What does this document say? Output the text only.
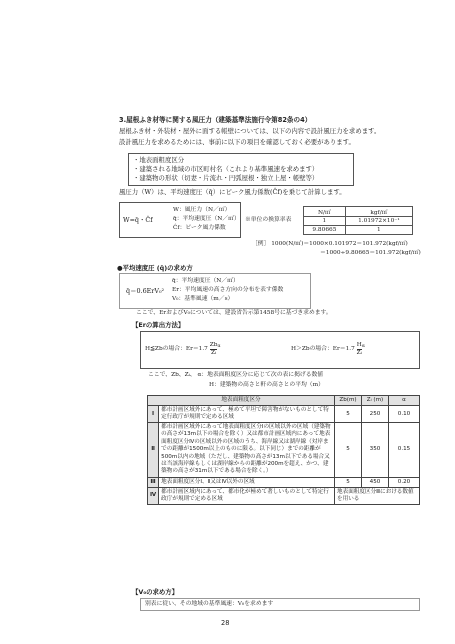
3.屋根ふき材等に関する風圧力（建築基準法施行令第82条の4）
屋根ふき材・外装材・屋外に面する帳壁については、以下の内容で設計風圧力を求めます。
設計風圧力を求めるためには、事前に以下の項目を確認しておく必要があります。
・地表面粗度区分
・建築される地域の市区町村名（これより基準風速を求めます）
・建築物の形状（切妻・片流れ・円弧屋根・独立上屋・帳壁等）
風圧力（W）は、平均速度圧（q̄）にピーク風力係数(Ĉf)を乗じて計算します。
W=q̄・Ĉf
W：風圧力（N／㎡）
q̄：平均速度圧（N／㎡）
Ĉf：ピーク風力係数
※単位の換算率表
N/㎡	kgf/㎡
1	1.01972×10⁻¹
9.80665	1
［例］ 1000(N/㎡)＝1000×0.101972＝101.972(kgf/㎡)
＝1000÷9.80665＝101.972(kgf/㎡)
●平均速度圧 (q̄)の求め方
q̄＝0.6ErV₀²
q̄：平均速度圧（N／㎡）
Er：平均風速の高さ方向の分布を表す係数
V₀：基準風速（m／s）
ここで、ErおよびV₀については、建設省告示第1458号に基づき求めます。
【Erの算出方法】
H≦Zbの場合：$Er=1.7 \frac{Zb}{\text{Zᵢ}} ^\alpha$	H＞Zbの場合：$Er=1.7 \frac{H}{\text{Zᵢ}} ^\alpha$
ここで、Zb、Zᵢ、 α：地表面粗度区分に応じて次の表に掲げる数値
H：建築物の高さと軒の高さとの平均（m）
地表面粗度区分		Zb(m)	Zᵢ (m)	α
Ⅰ	都市計画区域外にあって、極めて平坦で障害物がないものとして特定行政庁が規則で定める区域	5	250	0.10
Ⅱ	都市計画区域外にあって地表面粗度区分Ⅰの区域以外の区域（建築物の高さが13m以下の場合を除く）又は都市計画区域内にあって地表面粗度区分Ⅳの区域以外の区域のうち、海岸線又は湖岸線（対岸までの距離が1500m以上のものに限る。以下同じ）までの距離が500m以内の地域（ただし、建築物の高さが13m以下である場合又は当該海岸線もしくは湖岸線からの距離が200mを超え、かつ、建築物の高さが31m以下である場合を除く。）	5	350	0.15
Ⅲ	地表面粗度区分Ⅰ、Ⅱ又はⅣ以外の区域	5	450	0.20
Ⅳ	都市計画区域内にあって、都市化が極めて著しいものとして特定行政庁が規則で定める区域	地表面粗度区分Ⅲにおける数値を用いる		
【V₀の求め方】
別表に従い、その地域の基準風速：V₀を求めます
28
